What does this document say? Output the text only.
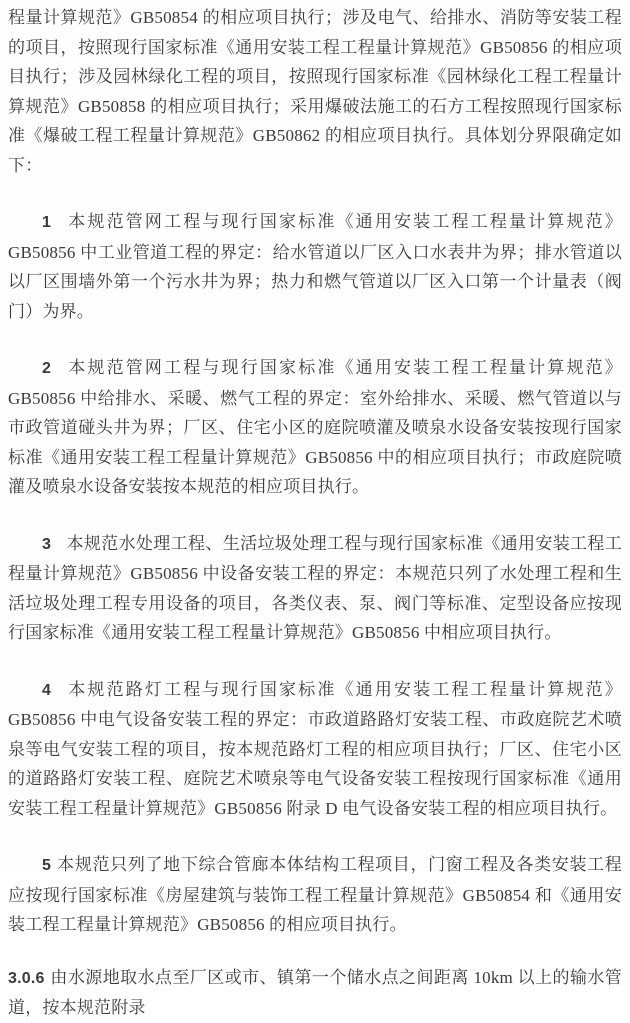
程量计算规范》GB50854 的相应项目执行；涉及电气、给排水、消防等安装工程的项目，按照现行国家标准《通用安装工程工程量计算规范》GB50856 的相应项目执行；涉及园林绿化工程的项目，按照现行国家标准《园林绿化工程工程量计算规范》GB50858 的相应项目执行；采用爆破法施工的石方工程按照现行国家标准《爆破工程工程量计算规范》GB50862 的相应项目执行。具体划分界限确定如下：

1 本规范管网工程与现行国家标准《通用安装工程工程量计算规范》GB50856 中工业管道工程的界定：给水管道以厂区入口水表井为界；排水管道以以厂区围墙外第一个污水井为界；热力和燃气管道以厂区入口第一个计量表（阀门）为界。

2 本规范管网工程与现行国家标准《通用安装工程工程量计算规范》GB50856 中给排水、采暖、燃气工程的界定：室外给排水、采暖、燃气管道以与市政管道碰头井为界；厂区、住宅小区的庭院喷灌及喷泉水设备安装按现行国家标准《通用安装工程工程量计算规范》GB50856 中的相应项目执行；市政庭院喷灌及喷泉水设备安装按本规范的相应项目执行。

3 本规范水处理工程、生活垃圾处理工程与现行国家标准《通用安装工程工程量计算规范》GB50856 中设备安装工程的界定：本规范只列了水处理工程和生活垃圾处理工程专用设备的项目，各类仪表、泵、阀门等标准、定型设备应按现行国家标准《通用安装工程工程量计算规范》GB50856 中相应项目执行。

4 本规范路灯工程与现行国家标准《通用安装工程工程量计算规范》GB50856 中电气设备安装工程的界定：市政道路路灯安装工程、市政庭院艺术喷泉等电气安装工程的项目，按本规范路灯工程的相应项目执行；厂区、住宅小区的道路路灯安装工程、庭院艺术喷泉等电气设备安装工程按现行国家标准《通用安装工程工程量计算规范》GB50856 附录 D 电气设备安装工程的相应项目执行。

5 本规范只列了地下综合管廊本体结构工程项目，门窗工程及各类安装工程应按现行国家标准《房屋建筑与装饰工程工程量计算规范》GB50854 和《通用安装工程工程量计算规范》GB50856 的相应项目执行。

3.0.6 由水源地取水点至厂区或市、镇第一个储水点之间距离 10km 以上的输水管道，按本规范附录
